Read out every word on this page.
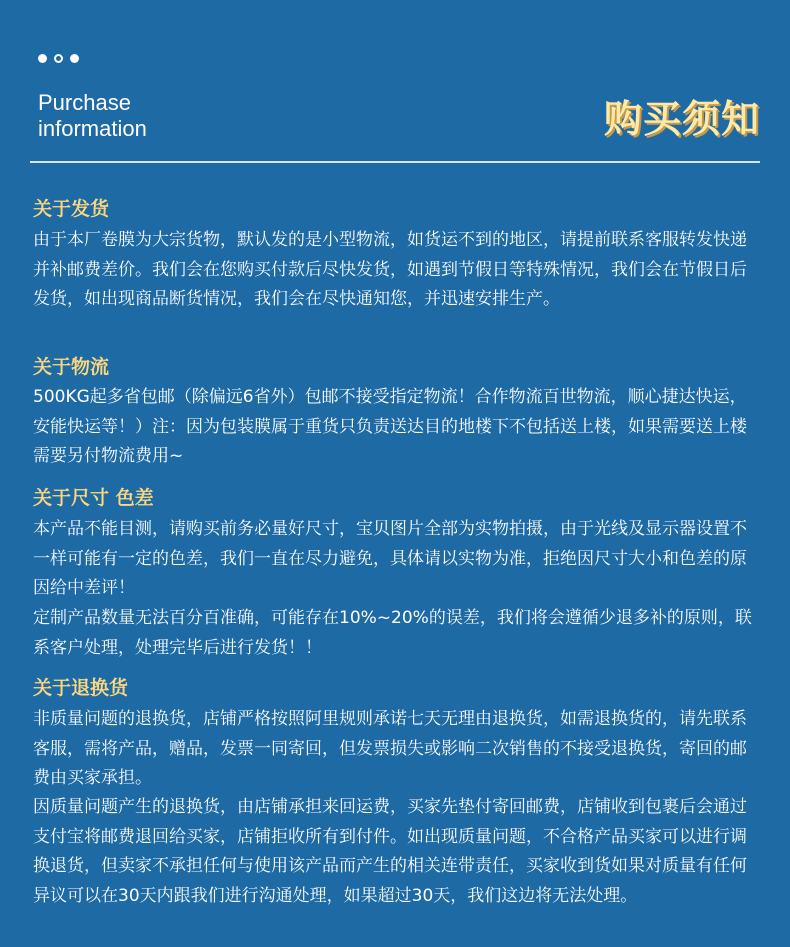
Purchase
information	购买须知
关于发货
由于本厂卷膜为大宗货物，默认发的是小型物流，如货运不到的地区，请提前联系客服转发快递并补邮费差价。我们会在您购买付款后尽快发货，如遇到节假日等特殊情况，我们会在节假日后发货，如出现商品断货情况，我们会在尽快通知您，并迅速安排生产。
关于物流
500KG起多省包邮（除偏远6省外）包邮不接受指定物流！合作物流百世物流，顺心捷达快运，安能快运等！）注：因为包装膜属于重货只负责送达目的地楼下不包括送上楼，如果需要送上楼 需要另付物流费用~
关于尺寸 色差
本产品不能目测，请购买前务必量好尺寸，宝贝图片全部为实物拍摄，由于光线及显示器设置不一样可能有一定的色差，我们一直在尽力避免，具体请以实物为准，拒绝因尺寸大小和色差的原因给中差评！
定制产品数量无法百分百准确，可能存在10%~20%的误差，我们将会遵循少退多补的原则，联系客户处理，处理完毕后进行发货！！
关于退换货
非质量问题的退换货，店铺严格按照阿里规则承诺七天无理由退换货，如需退换货的，请先联系客服，需将产品，赠品，发票一同寄回，但发票损失或影响二次销售的不接受退换货，寄回的邮费由买家承担。
因质量问题产生的退换货，由店铺承担来回运费，买家先垫付寄回邮费，店铺收到包裹后会通过支付宝将邮费退回给买家，店铺拒收所有到付件。如出现质量问题，不合格产品买家可以进行调换退货，但卖家不承担任何与使用该产品而产生的相关连带责任，买家收到货如果对质量有任何异议可以在30天内跟我们进行沟通处理，如果超过30天，我们这边将无法处理。
